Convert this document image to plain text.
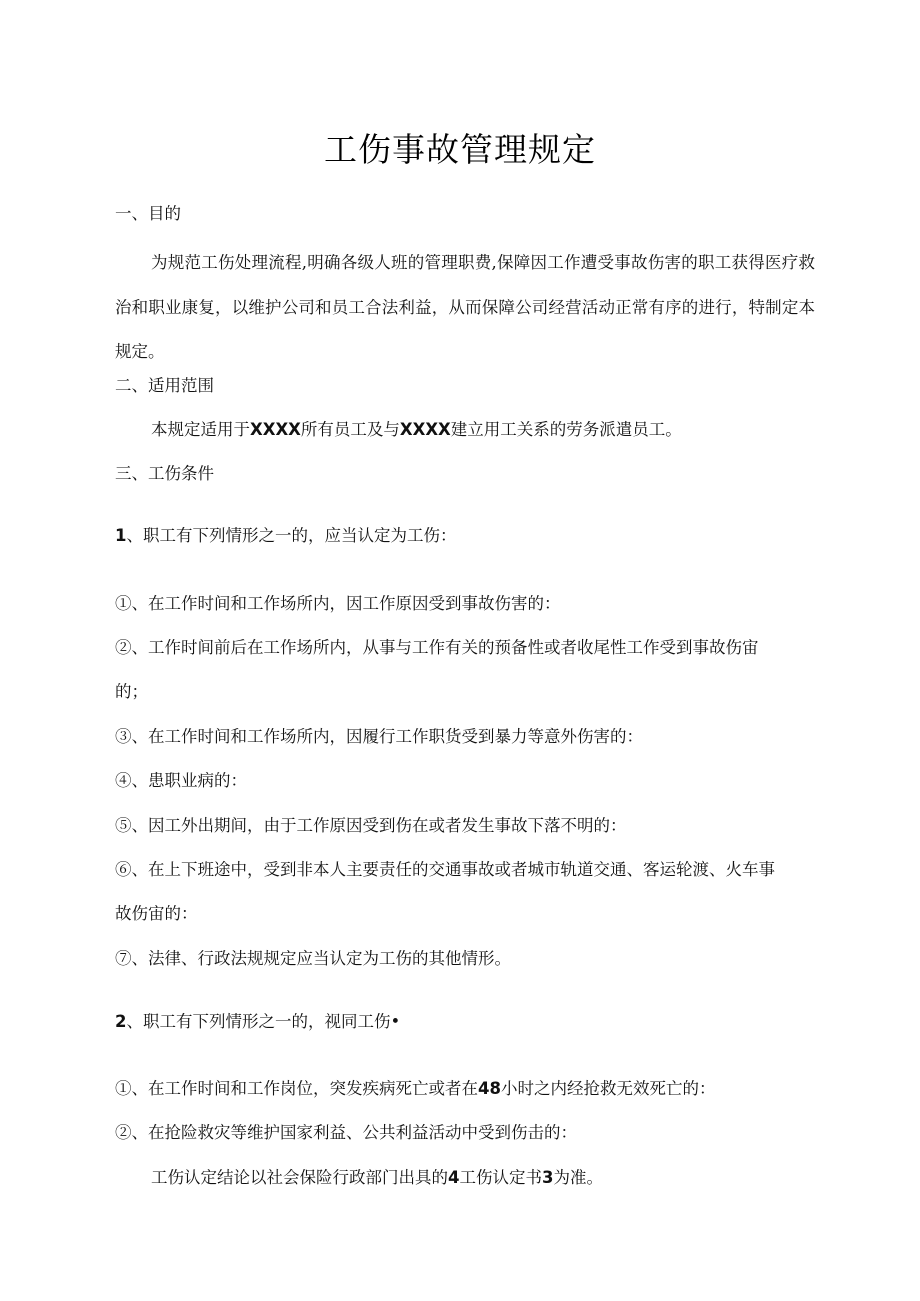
工伤事故管理规定
一、目的
为规范工伤处理流程,明确各级人班的管理职费,保障因工作遭受事故伤害的职工获得医疗救治和职业康复，以维护公司和员工合法利益，从而保障公司经营活动正常有序的进行，特制定本规定。
二、适用范围
本规定适用于XXXX所有员工及与XXXX建立用工关系的劳务派遣员工。
三、工伤条件
1、职工有下列情形之一的，应当认定为工伤：
①、在工作时间和工作场所内，因工作原因受到事故伤害的：
②、工作时间前后在工作场所内，从事与工作有关的预备性或者收尾性工作受到事故伤宙
的；
③、在工作时间和工作场所内，因履行工作职货受到暴力等意外伤害的：
④、患职业病的：
⑤、因工外出期间，由于工作原因受到伤在或者发生事故下落不明的：
⑥、在上下班途中，受到非本人主要责任的交通事故或者城市轨道交通、客运轮渡、火车事
故伤宙的：
⑦、法律、行政法规规定应当认定为工伤的其他情形。
2、职工有下列情形之一的，视同工伤•
①、在工作时间和工作岗位，突发疾病死亡或者在48小时之内经抢救无效死亡的：
②、在抢险救灾等维护国家利益、公共利益活动中受到伤击的：
工伤认定结论以社会保险行政部门出具的4工伤认定书3为准。
